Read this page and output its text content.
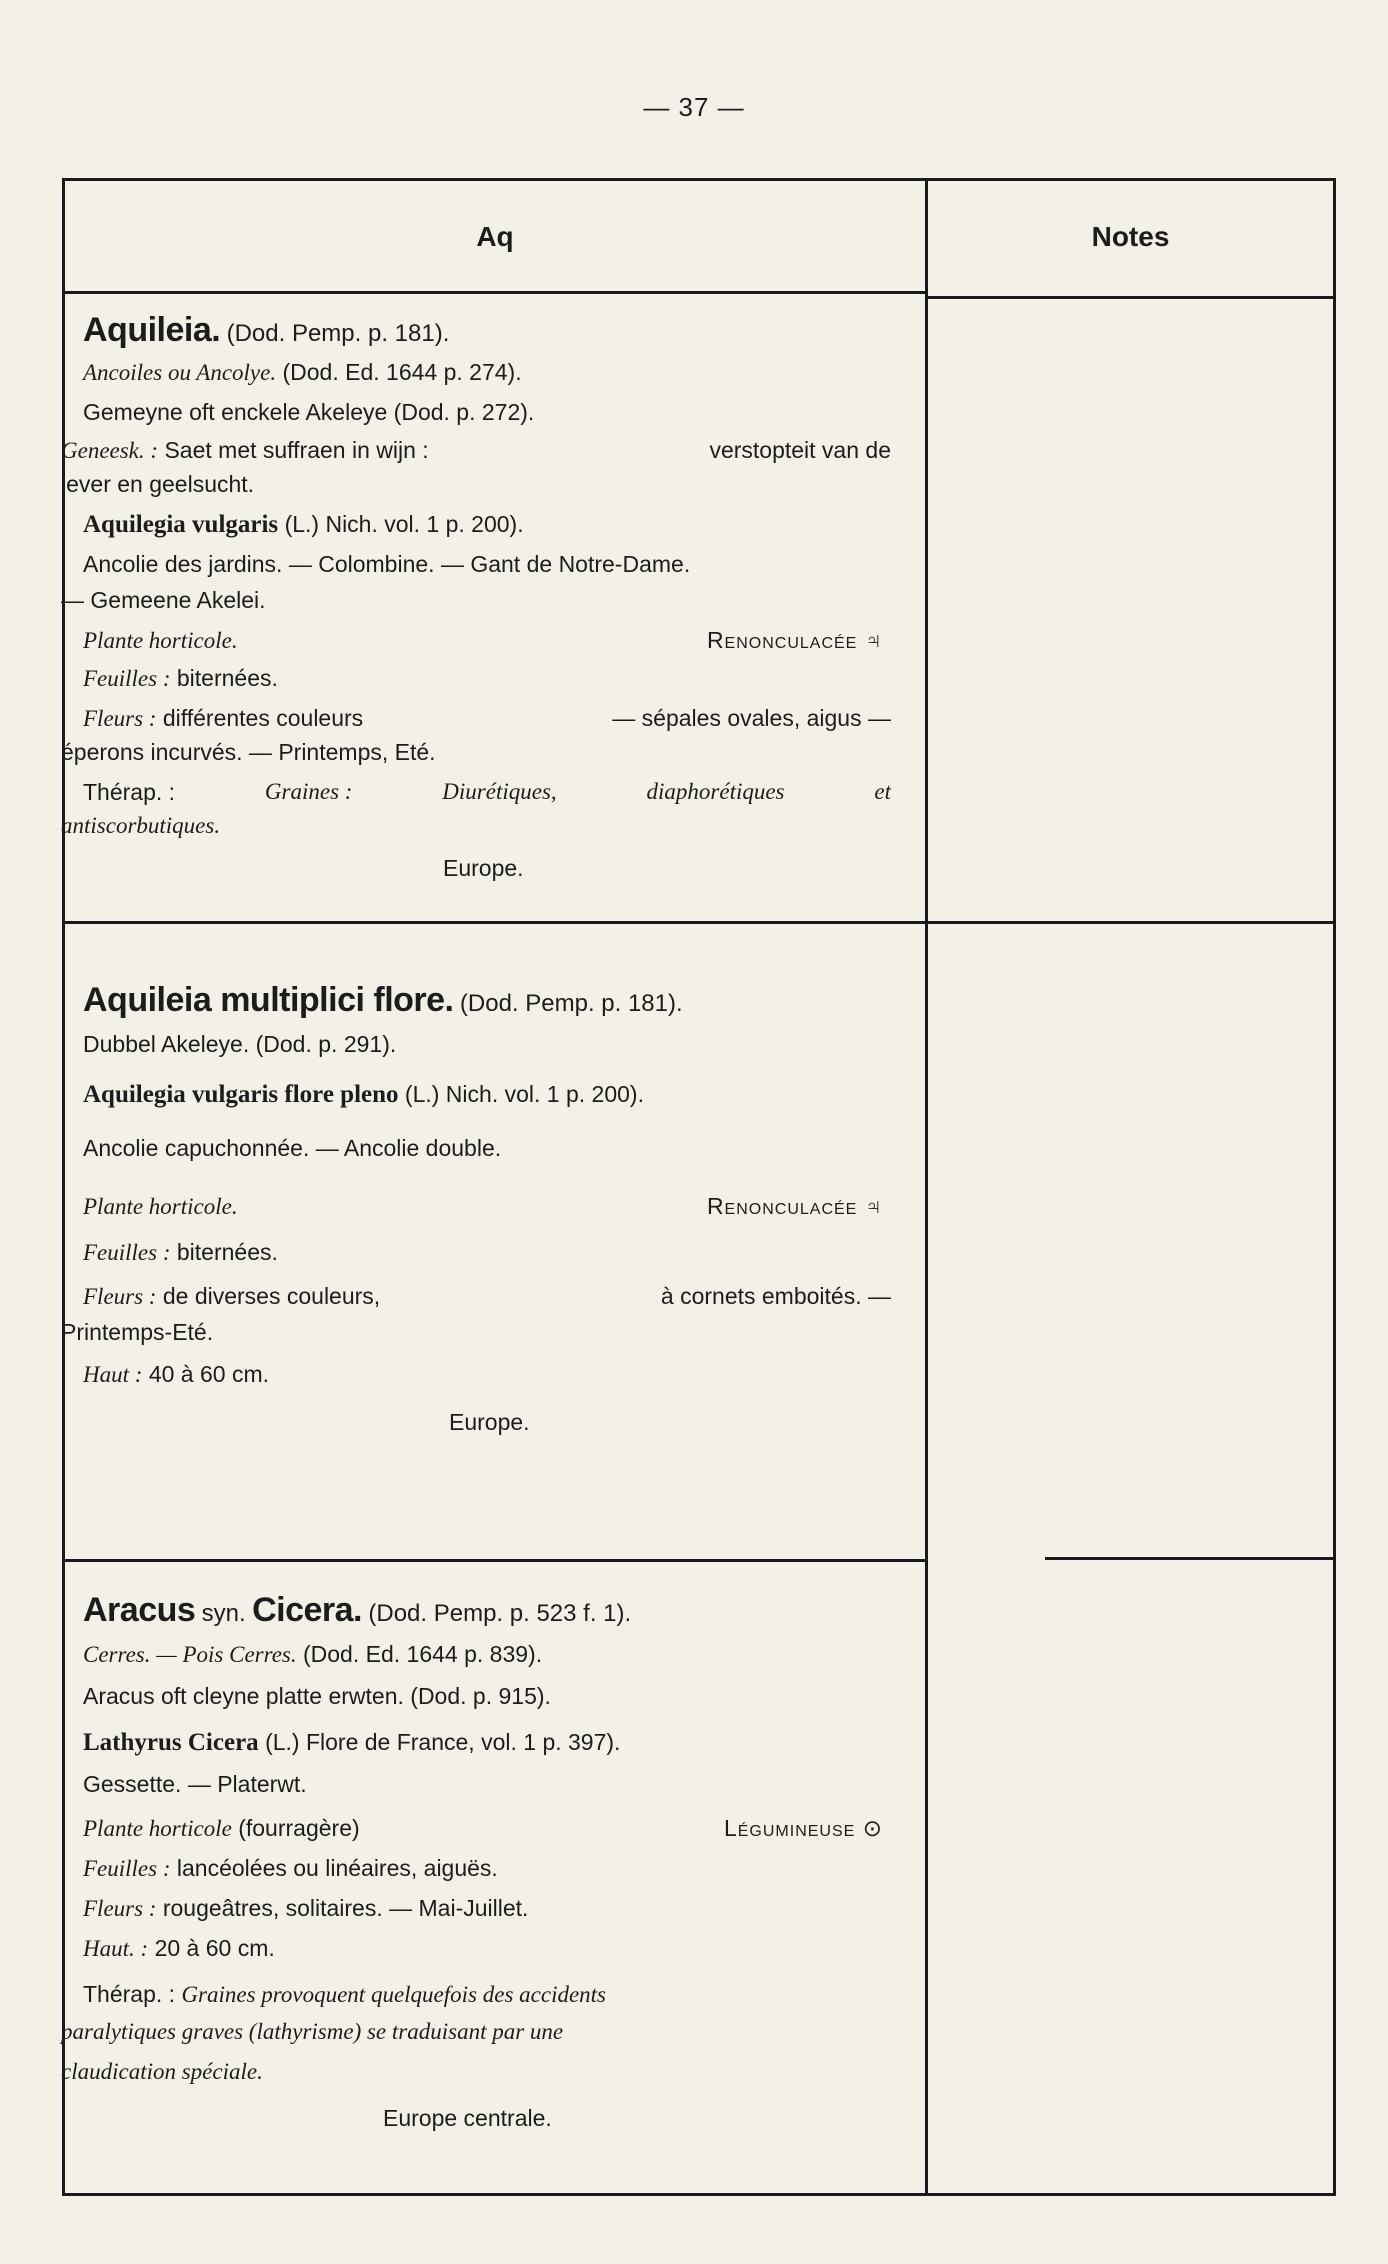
— 37 —
Aq	Notes
Aquileia. (Dod. Pemp. p. 181).
Ancoiles ou Ancolye. (Dod. Ed. 1644 p. 274).
Gemeyne oft enckele Akeleye (Dod. p. 272).
Geneesk. : Saet met suffraen in wijn :	verstopteit van de
lever en geelsucht.
Aquilegia vulgaris (L.) Nich. vol. 1 p. 200).
Ancolie des jardins. — Colombine. — Gant de Notre-Dame.
— Gemeene Akelei.
Plante horticole.	Renonculacée ♃
Feuilles : biternées.
Fleurs : différentes couleurs	— sépales ovales, aigus —
éperons incurvés. — Printemps, Eté.
Thérap. :	Graines :	Diurétiques,	diaphorétiques	et
antiscorbutiques.
Europe.
Aquileia multiplici flore. (Dod. Pemp. p. 181).
Dubbel Akeleye. (Dod. p. 291).
Aquilegia vulgaris flore pleno (L.) Nich. vol. 1 p. 200).
Ancolie capuchonnée. — Ancolie double.
Plante horticole.	Renonculacée ♃
Feuilles : biternées.
Fleurs : de diverses couleurs,	à cornets emboités. —
Printemps-Eté.
Haut : 40 à 60 cm.
Europe.
Aracus syn. Cicera. (Dod. Pemp. p. 523 f. 1).
Cerres. — Pois Cerres. (Dod. Ed. 1644 p. 839).
Aracus oft cleyne platte erwten. (Dod. p. 915).
Lathyrus Cicera (L.) Flore de France, vol. 1 p. 397).
Gessette. — Platerwt.
Plante horticole (fourragère)	Légumineuse ⊙
Feuilles : lancéolées ou linéaires, aiguës.
Fleurs : rougeâtres, solitaires. — Mai-Juillet.
Haut. : 20 à 60 cm.
Thérap. : Graines provoquent quelquefois des accidents
paralytiques graves (lathyrisme) se traduisant par une
claudication spéciale.
Europe centrale.
